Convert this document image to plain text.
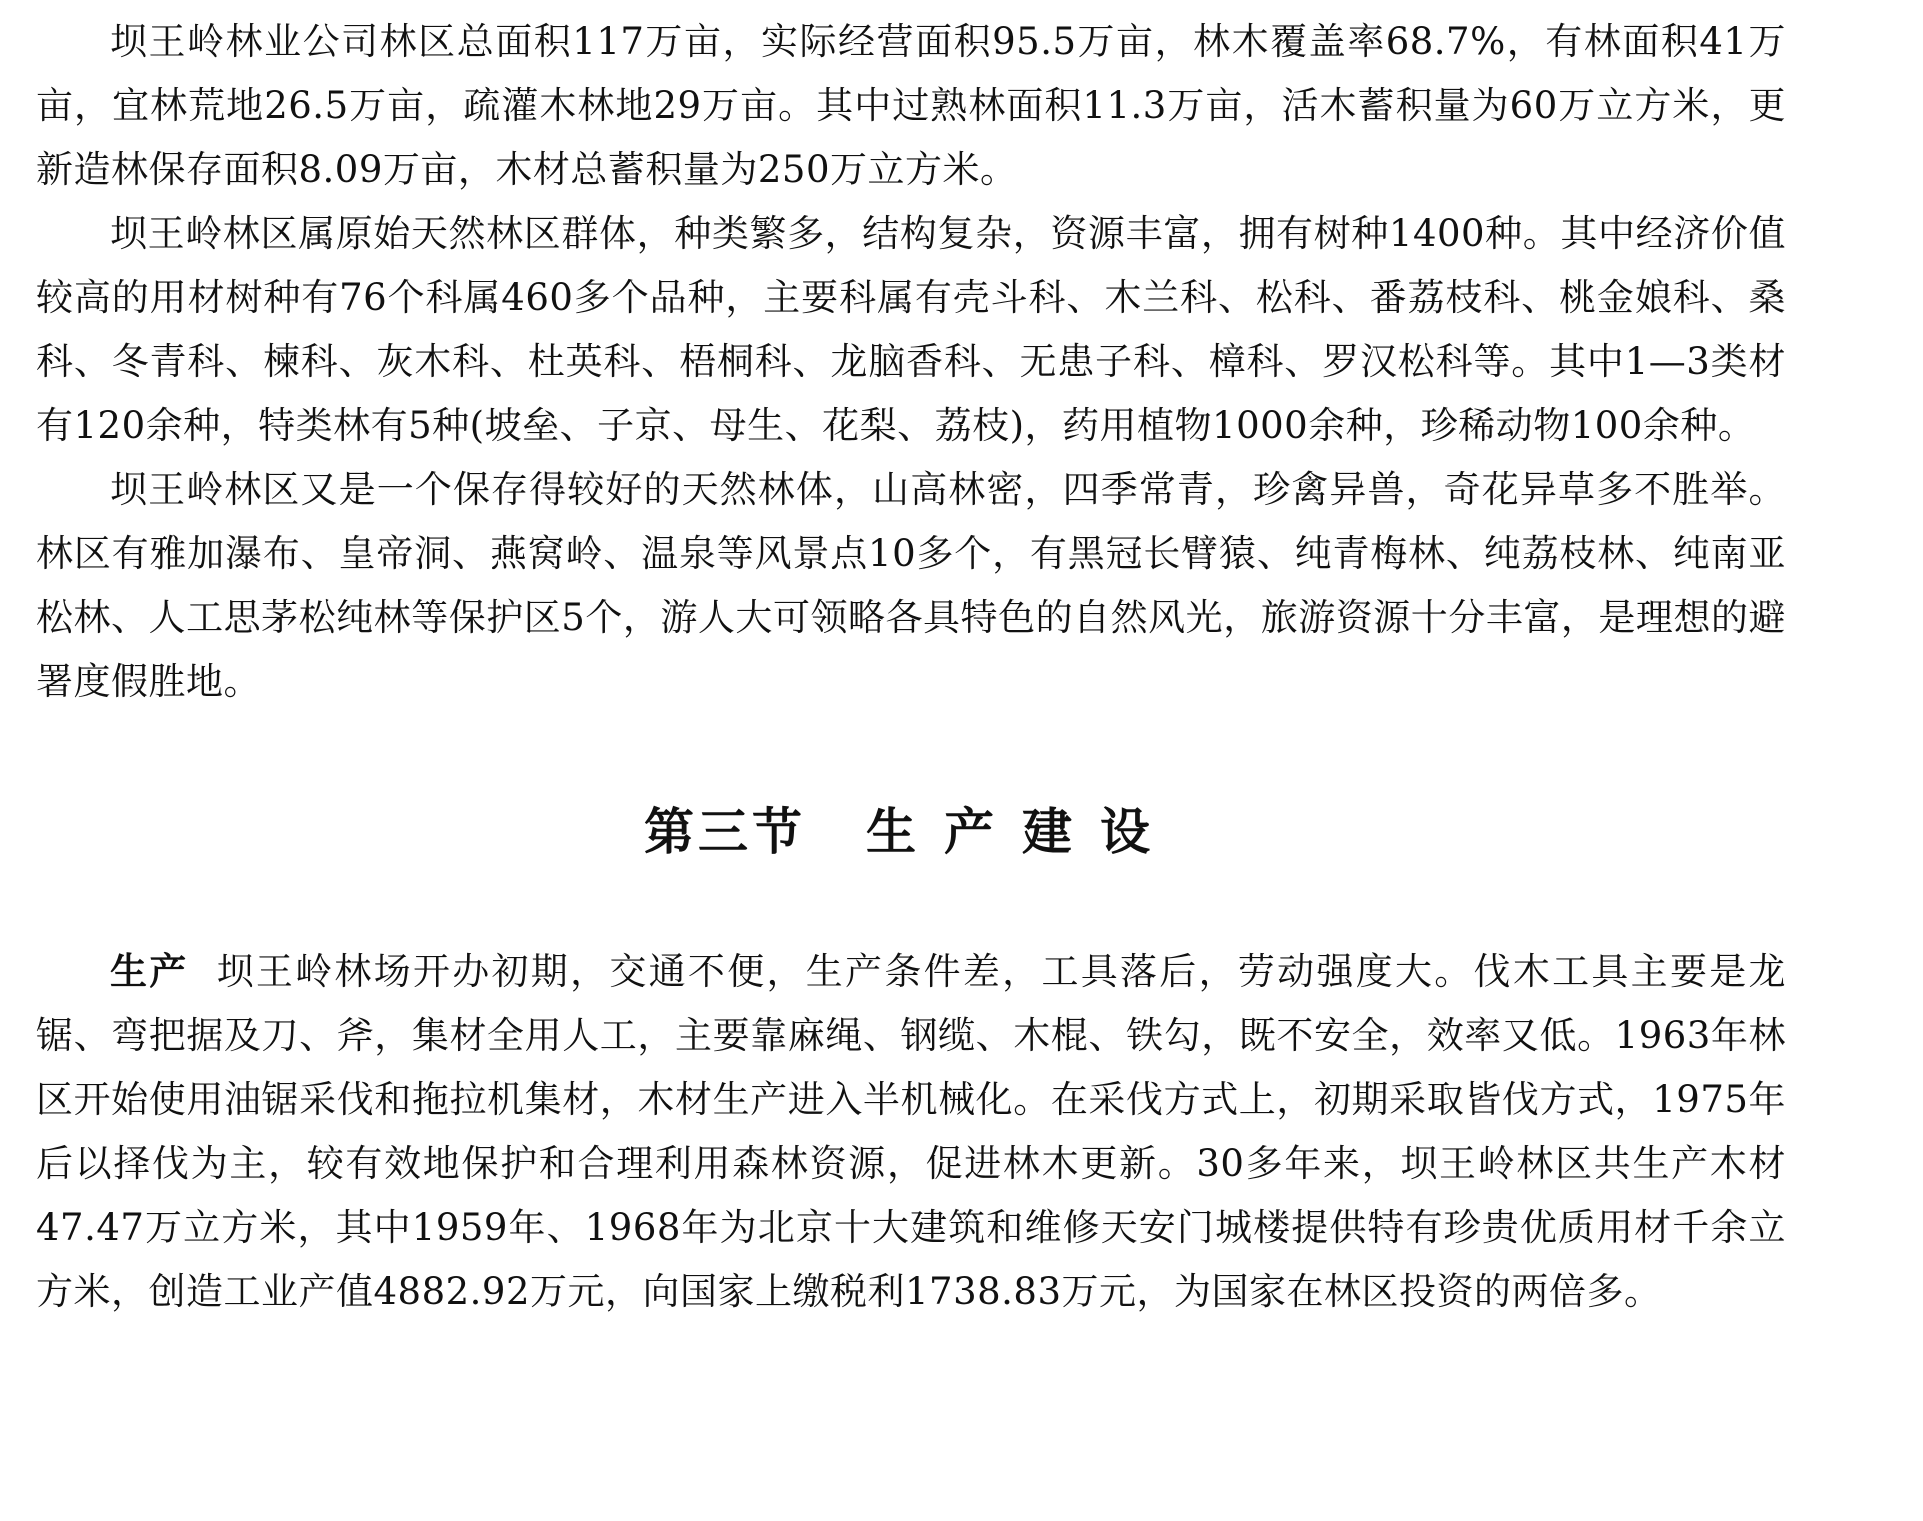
坝王岭林业公司林区总面积117万亩，实际经营面积95.5万亩，林木覆盖率68.7%，有林面积41万亩，宜林荒地26.5万亩，疏灌木林地29万亩。其中过熟林面积11.3万亩，活木蓄积量为60万立方米，更新造林保存面积8.09万亩，木材总蓄积量为250万立方米。

坝王岭林区属原始天然林区群体，种类繁多，结构复杂，资源丰富，拥有树种1400种。其中经济价值较高的用材树种有76个科属460多个品种，主要科属有壳斗科、木兰科、松科、番荔枝科、桃金娘科、桑科、冬青科、楝科、灰木科、杜英科、梧桐科、龙脑香科、无患子科、樟科、罗汉松科等。其中1—3类材有120余种，特类林有5种(坡垒、子京、母生、花梨、荔枝)，药用植物1000余种，珍稀动物100余种。

坝王岭林区又是一个保存得较好的天然林体，山高林密，四季常青，珍禽异兽，奇花异草多不胜举。林区有雅加瀑布、皇帝洞、燕窝岭、温泉等风景点10多个，有黑冠长臂猿、纯青梅林、纯荔枝林、纯南亚松林、人工思茅松纯林等保护区5个，游人大可领略各具特色的自然风光，旅游资源十分丰富，是理想的避署度假胜地。

第三节 生产建设

生产 坝王岭林场开办初期，交通不便，生产条件差，工具落后，劳动强度大。伐木工具主要是龙锯、弯把据及刀、斧，集材全用人工，主要靠麻绳、钢缆、木棍、铁勾，既不安全，效率又低。1963年林区开始使用油锯采伐和拖拉机集材，木材生产进入半机械化。在采伐方式上，初期采取皆伐方式，1975年后以择伐为主，较有效地保护和合理利用森林资源，促进林木更新。30多年来，坝王岭林区共生产木材47.47万立方米，其中1959年、1968年为北京十大建筑和维修天安门城楼提供特有珍贵优质用材千余立方米，创造工业产值4882.92万元，向国家上缴税利1738.83万元，为国家在林区投资的两倍多。
